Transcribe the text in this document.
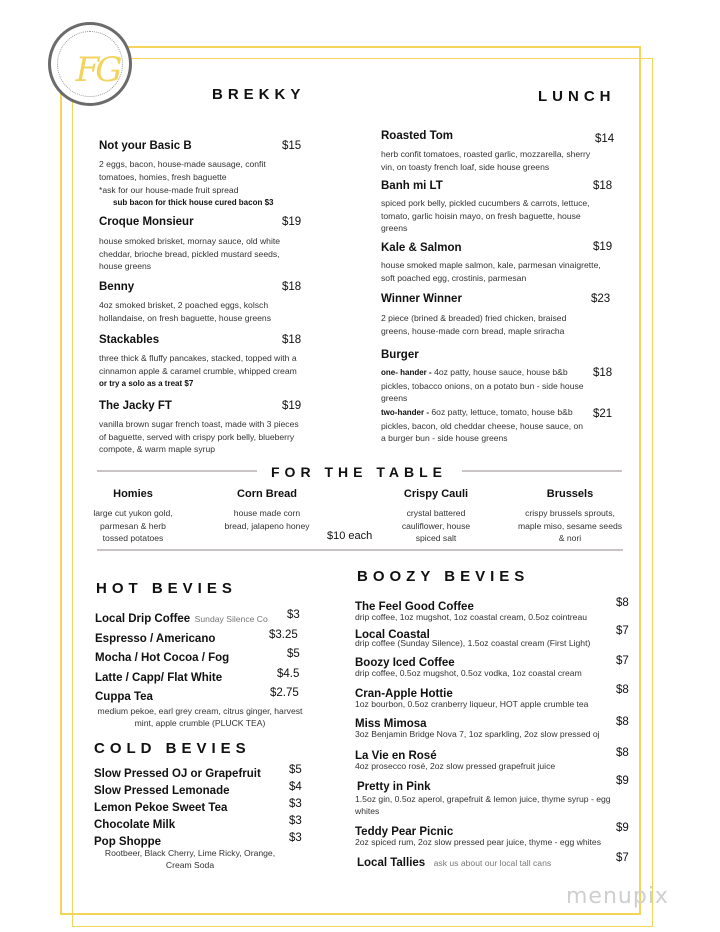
FG
BREKKY	LUNCH
Not your Basic B	$15
2 eggs, bacon, house-made sausage, confit tomatoes, homies, fresh baguette
*ask for our house-made fruit spread
sub bacon for thick house cured bacon $3
Croque Monsieur	$19
house smoked brisket, mornay sauce, old white cheddar, brioche bread, pickled mustard seeds, house greens
Benny	$18
4oz smoked brisket, 2 poached eggs, kolsch hollandaise, on fresh baguette, house greens
Stackables	$18
three thick & fluffy pancakes, stacked, topped with a cinnamon apple & caramel crumble, whipped cream or try a solo as a treat $7
The Jacky FT	$19
vanilla brown sugar french toast, made with 3 pieces of baguette, served with crispy pork belly, blueberry compote, & warm maple syrup
Roasted Tom	$14
herb confit tomatoes, roasted garlic, mozzarella, sherry vin, on toasty french loaf, side house greens
Banh mi LT	$18
spiced pork belly, pickled cucumbers & carrots, lettuce, tomato, garlic hoisin mayo, on fresh baguette, house greens
Kale & Salmon	$19
house smoked maple salmon, kale, parmesan vinaigrette, soft poached egg, crostinis, parmesan
Winner Winner	$23
2 piece (brined & breaded) fried chicken, braised greens, house-made corn bread, maple sriracha
Burger
one- hander - 4oz patty, house sauce, house b&b pickles, tobacco onions, on a potato bun - side house greens
$18
two-hander - 6oz patty, lettuce, tomato, house b&b pickles, bacon, old cheddar cheese, house sauce, on a burger bun - side house greens
$21
FOR THE TABLE
Homies
large cut yukon gold, parmesan & herb tossed potatoes
Corn Bread
house made corn bread, jalapeno honey
$10 each
Crispy Cauli
crystal battered cauliflower, house spiced salt
Brussels
crispy brussels sprouts, maple miso, sesame seeds & nori
HOT BEVIES
Local Drip Coffee Sunday Silence Co $3
Espresso / Americano	$3.25
Mocha / Hot Cocoa / Fog	$5
Latte / Capp/ Flat White	$4.5
Cuppa Tea	$2.75
medium pekoe, earl grey cream, citrus ginger, harvest mint, apple crumble (PLUCK TEA)
COLD BEVIES
Slow Pressed OJ or Grapefruit $5
Slow Pressed Lemonade	$4
Lemon Pekoe Sweet Tea	$3
Chocolate Milk	$3
Pop Shoppe	$3
Rootbeer, Black Cherry, Lime Ricky, Orange, Cream Soda
BOOZY BEVIES
The Feel Good Coffee	$8
drip coffee, 1oz mugshot, 1oz coastal cream, 0.5oz cointreau
Local Coastal	$7
drip coffee (Sunday Silence), 1.5oz coastal cream (First Light)
Boozy Iced Coffee	$7
drip coffee, 0.5oz mugshot, 0.5oz vodka, 1oz coastal cream
Cran-Apple Hottie	$8
1oz bourbon, 0.5oz cranberry liqueur, HOT apple crumble tea
Miss Mimosa	$8
3oz Benjamin Bridge Nova 7, 1oz sparkling, 2oz slow pressed oj
La Vie en Rosé	$8
4oz prosecco rosé, 2oz slow pressed grapefruit juice
Pretty in Pink	$9
1.5oz gin, 0.5oz aperol, grapefruit & lemon juice, thyme syrup - egg whites
Teddy Pear Picnic	$9
2oz spiced rum, 2oz slow pressed pear juice, thyme - egg whites
Local Tallies ask us about our local tall cans	$7
menupix
